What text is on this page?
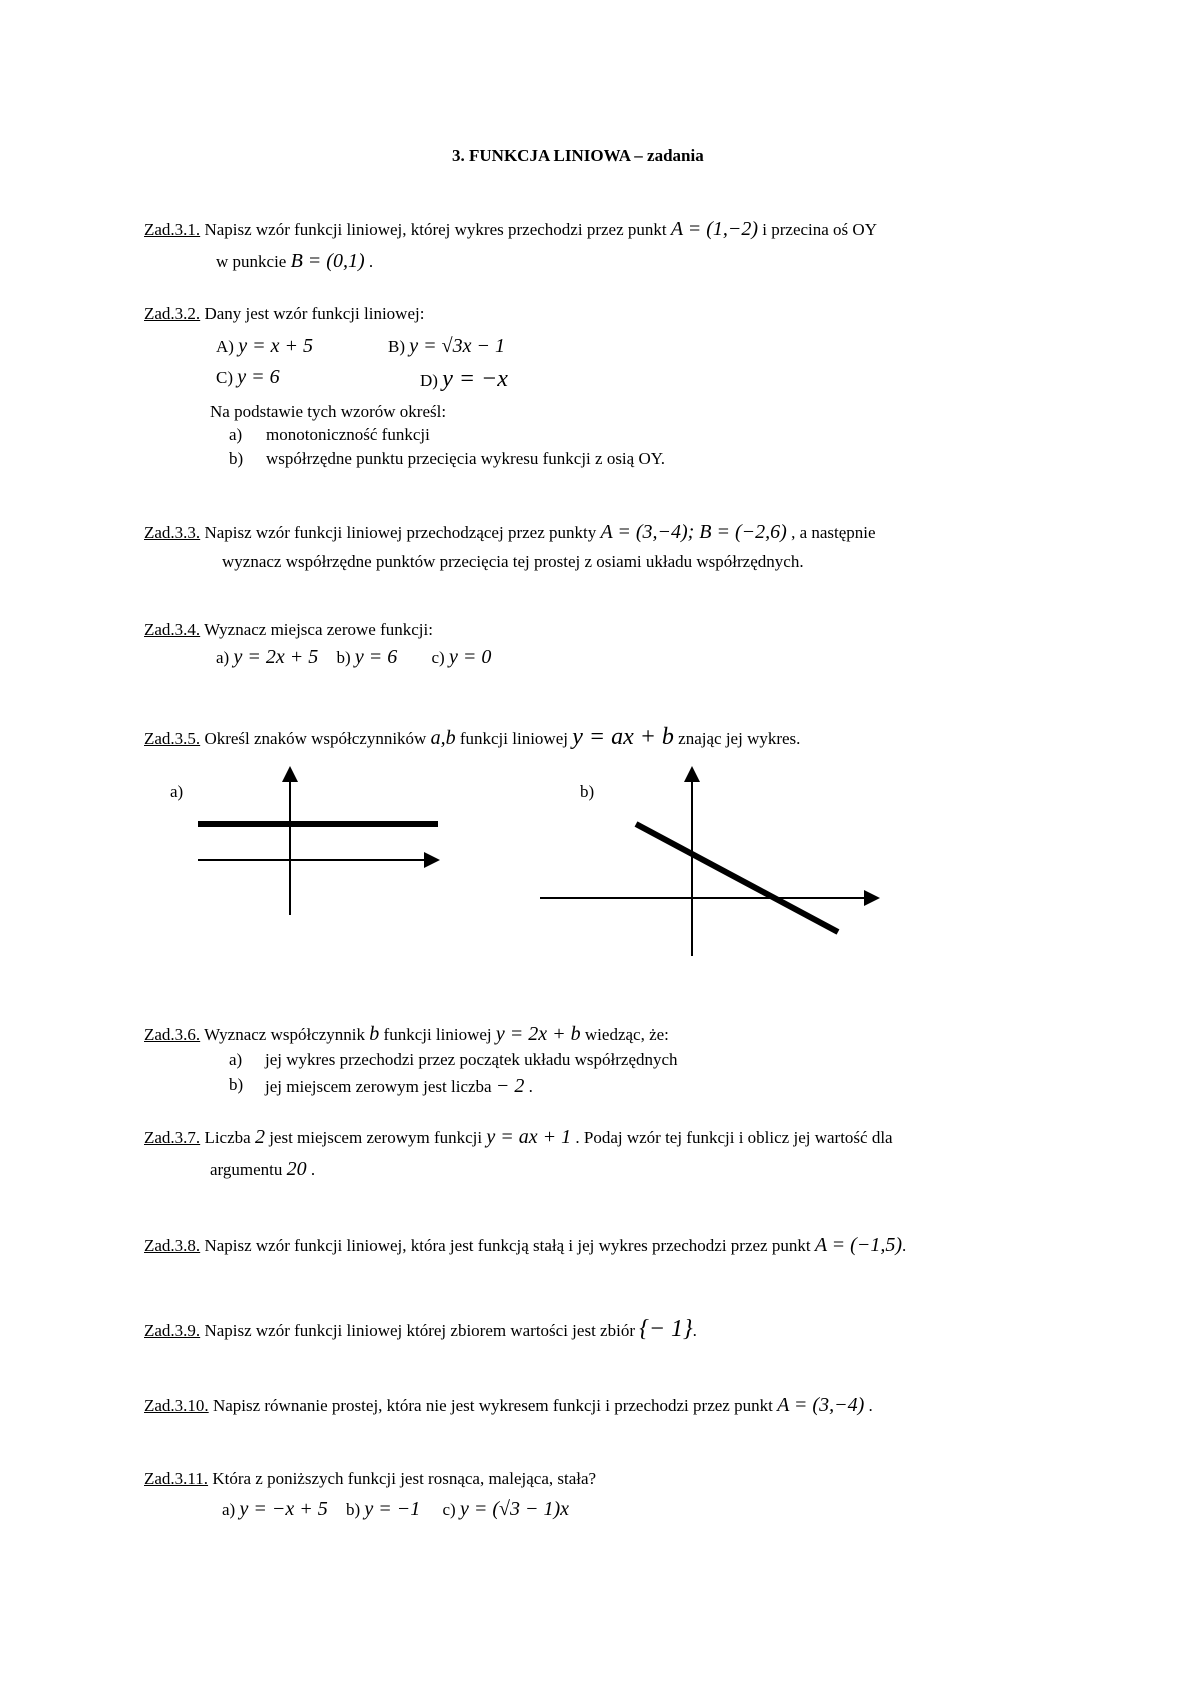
3. FUNKCJA LINIOWA – zadania
Zad.3.1. Napisz wzór funkcji liniowej, której wykres przechodzi przez punkt A = (1,−2) i przecina oś OY
w punkcie B = (0,1) .
Zad.3.2. Dany jest wzór funkcji liniowej:
A) y = x + 5	B) y = √3x − 1
C) y = 6	D) y = −x
Na podstawie tych wzorów określ:
a) monotoniczność funkcji
b) współrzędne punktu przecięcia wykresu funkcji z osią OY.
Zad.3.3. Napisz wzór funkcji liniowej przechodzącej przez punkty A = (3,−4); B = (−2,6) , a następnie
wyznacz współrzędne punktów przecięcia tej prostej z osiami układu współrzędnych.
Zad.3.4. Wyznacz miejsca zerowe funkcji:
a) y = 2x + 5 b) y = 6 c) y = 0
Zad.3.5. Określ znaków współczynników a,b funkcji liniowej y = ax + b znając jej wykres.
a)	b)
Zad.3.6. Wyznacz współczynnik b funkcji liniowej y = 2x + b wiedząc, że:
a) jej wykres przechodzi przez początek układu współrzędnych
b) jej miejscem zerowym jest liczba − 2 .
Zad.3.7. Liczba 2 jest miejscem zerowym funkcji y = ax + 1 . Podaj wzór tej funkcji i oblicz jej wartość dla
argumentu 20 .
Zad.3.8. Napisz wzór funkcji liniowej, która jest funkcją stałą i jej wykres przechodzi przez punkt A = (−1,5).
Zad.3.9. Napisz wzór funkcji liniowej której zbiorem wartości jest zbiór {− 1}.
Zad.3.10. Napisz równanie prostej, która nie jest wykresem funkcji i przechodzi przez punkt A = (3,−4) .
Zad.3.11. Która z poniższych funkcji jest rosnąca, malejąca, stała?
a) y = −x + 5 b) y = −1 c) y = (√3 − 1)x
